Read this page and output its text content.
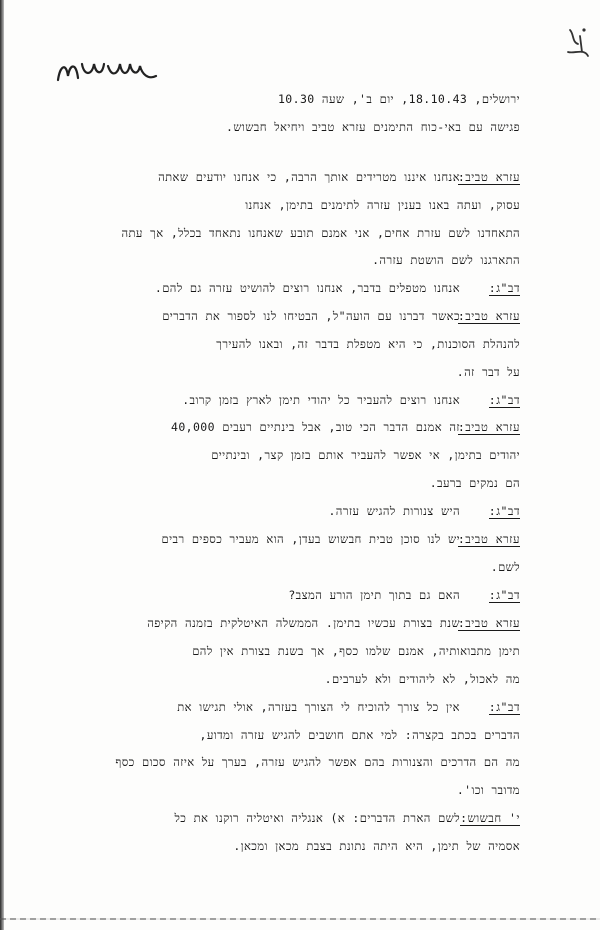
ירושלים, 18.10.43, יום ב', שעה 10.30
פגישה עם באי-כוח התימנים עזרא טביב ויחיאל חבשוש.
עזרא טביב:
אנחנו איננו מטרידים אותך הרבה, כי אנחנו יודעים שאתה
עסוק, ועתה באנו בענין עזרה לתימנים בתימן, אנחנו
התאחדנו לשם עזרת אחים, אני אמנם תובע שאנחנו נתאחד בכלל, אך עתה
התארגנו לשם הושטת עזרה.
דב"ג:
אנחנו מטפלים בדבר, אנחנו רוצים להושיט עזרה גם להם.
עזרא טביב:
כאשר דברנו עם הועה"ל, הבטיחו לנו לספור את הדברים
להנהלת הסוכנות, כי היא מטפלת בדבר זה, ובאנו להעירך
על דבר זה.
דב"ג:
אנחנו רוצים להעביר כל יהודי תימן לארץ בזמן קרוב.
עזרא טביב:
זה אמנם הדבר הכי טוב, אבל בינתיים רעבים 40,000
יהודים בתימן, אי אפשר להעביר אותם בזמן קצר, ובינתיים
הם נמקים ברעב.
דב"ג:
היש צנורות להגיש עזרה.
עזרא טביב:
יש לנו סוכן טבית חבשוש בעדן, הוא מעביר כספים רבים
לשם.
דב"ג:
האם גם בתוך תימן הורע המצב?
עזרא טביב:
שנת בצורת עכשיו בתימן. הממשלה האיטלקית בזמנה הקיפה
תימן מתבואותיה, אמנם שלמו כסף, אך בשנת בצורת אין להם
מה לאכול, לא ליהודים ולא לערבים.
דב"ג:
אין כל צורך להוכיח לי הצורך בעזרה, אולי תגישו את
הדברים בכתב בקצרה: למי אתם חושבים להגיש עזרה ומדוע,
מה הם הדרכים והצנורות בהם אפשר להגיש עזרה, בערך על איזה סכום כסף
מדובר וכו'.
י' חבשוש:
לשם הארת הדברים: א) אנגליה ואיטליה רוקנו את כל
אסמיה של תימן, היא היתה נתונת בצבת מכאן ומכאן.
